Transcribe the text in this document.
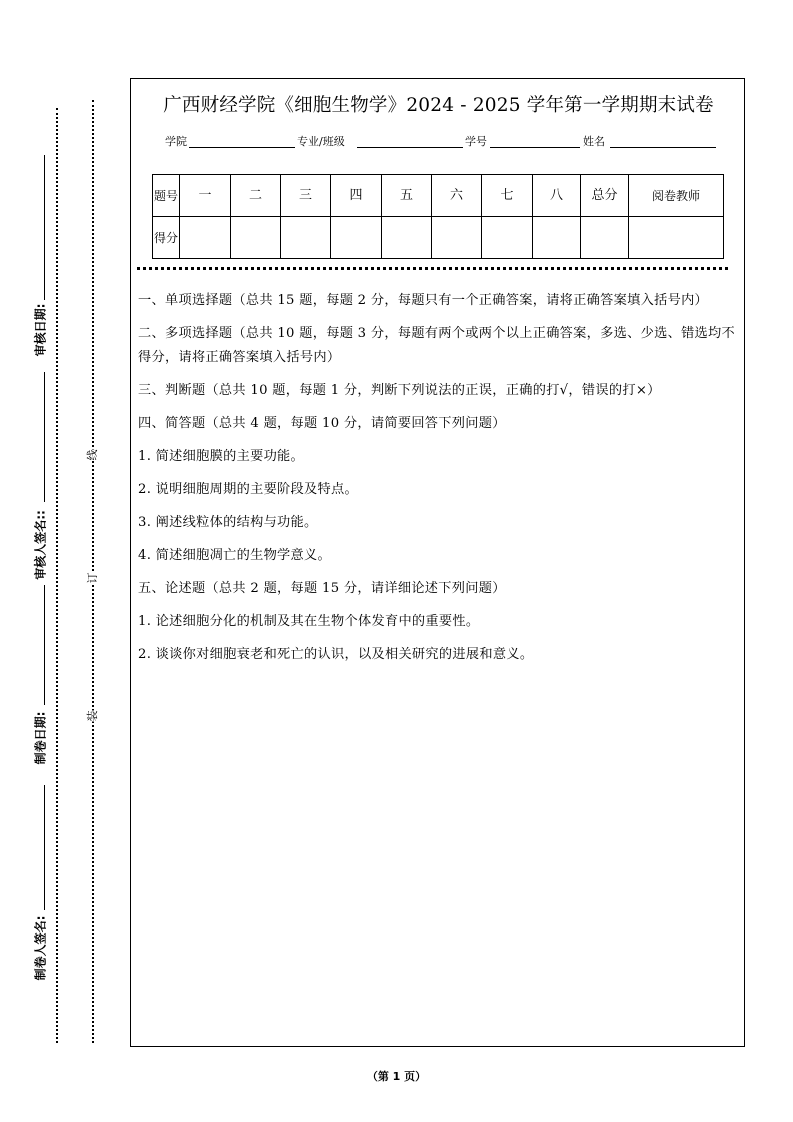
审核日期:
审核人签名::
制卷日期:
制卷人签名:
线
订
装
广西财经学院《细胞生物学》2024 - 2025 学年第一学期期末试卷
学院	专业/班级	学号	姓名
题号	一	二	三	四	五	六	七	八	总分	阅卷教师
得分										

一、单项选择题（总共 15 题，每题 2 分，每题只有一个正确答案，请将正确答案填入括号内）

二、多项选择题（总共 10 题，每题 3 分，每题有两个或两个以上正确答案，多选、少选、错选均不得分，请将正确答案填入括号内）

三、判断题（总共 10 题，每题 1 分，判断下列说法的正误，正确的打√，错误的打×）

四、简答题（总共 4 题，每题 10 分，请简要回答下列问题）

1. 简述细胞膜的主要功能。

2. 说明细胞周期的主要阶段及特点。

3. 阐述线粒体的结构与功能。

4. 简述细胞凋亡的生物学意义。

五、论述题（总共 2 题，每题 15 分，请详细论述下列问题）

1. 论述细胞分化的机制及其在生物个体发育中的重要性。

2. 谈谈你对细胞衰老和死亡的认识，以及相关研究的进展和意义。

（第 1 页）
